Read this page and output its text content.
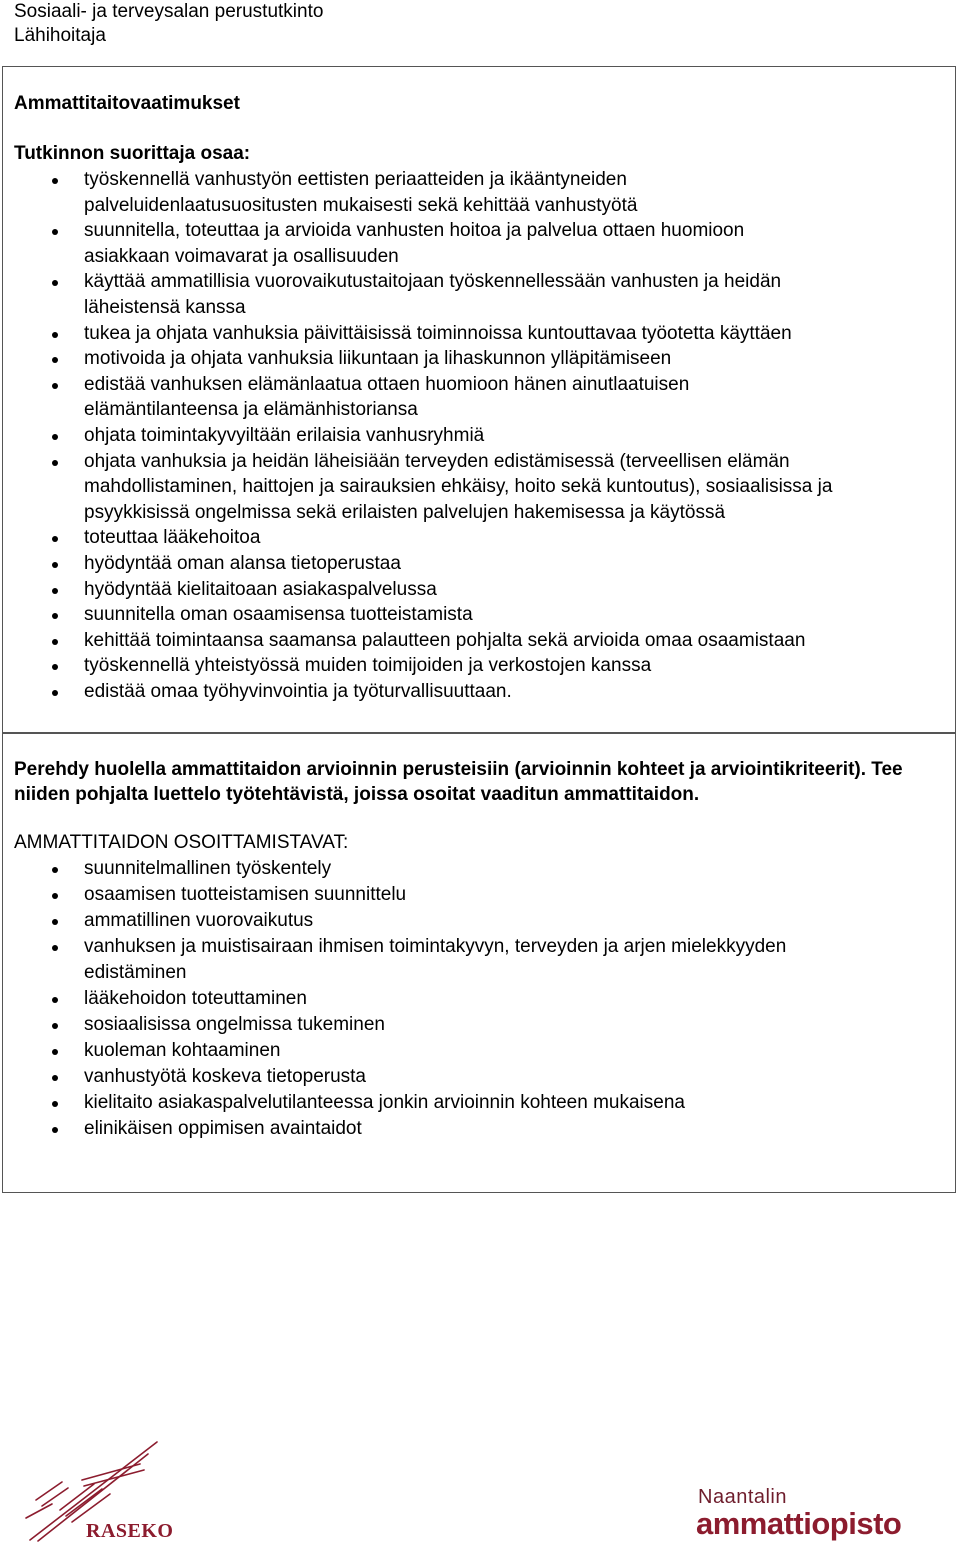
Sosiaali- ja terveysalan perustutkinto
Lähihoitaja
Ammattitaitovaatimukset
Tutkinnon suorittaja osaa:
työskennellä vanhustyön eettisten periaatteiden ja ikääntyneiden
palveluidenlaatusuositusten mukaisesti sekä kehittää vanhustyötä
suunnitella, toteuttaa ja arvioida vanhusten hoitoa ja palvelua ottaen huomioon
asiakkaan voimavarat ja osallisuuden
käyttää ammatillisia vuorovaikutustaitojaan työskennellessään vanhusten ja heidän
läheistensä kanssa
tukea ja ohjata vanhuksia päivittäisissä toiminnoissa kuntouttavaa työotetta käyttäen
motivoida ja ohjata vanhuksia liikuntaan ja lihaskunnon ylläpitämiseen
edistää vanhuksen elämänlaatua ottaen huomioon hänen ainutlaatuisen
elämäntilanteensa ja elämänhistoriansa
ohjata toimintakyvyiltään erilaisia vanhusryhmiä
ohjata vanhuksia ja heidän läheisiään terveyden edistämisessä (terveellisen elämän
mahdollistaminen, haittojen ja sairauksien ehkäisy, hoito sekä kuntoutus), sosiaalisissa ja
psyykkisissä ongelmissa sekä erilaisten palvelujen hakemisessa ja käytössä
toteuttaa lääkehoitoa
hyödyntää oman alansa tietoperustaa
hyödyntää kielitaitoaan asiakaspalvelussa
suunnitella oman osaamisensa tuotteistamista
kehittää toimintaansa saamansa palautteen pohjalta sekä arvioida omaa osaamistaan
työskennellä yhteistyössä muiden toimijoiden ja verkostojen kanssa
edistää omaa työhyvinvointia ja työturvallisuuttaan.
Perehdy huolella ammattitaidon arvioinnin perusteisiin (arvioinnin kohteet ja arviointikriteerit). Tee niiden pohjalta luettelo työtehtävistä, joissa osoitat vaaditun ammattitaidon.
AMMATTITAIDON OSOITTAMISTAVAT:
suunnitelmallinen työskentely
osaamisen tuotteistamisen suunnittelu
ammatillinen vuorovaikutus
vanhuksen ja muistisairaan ihmisen toimintakyvyn, terveyden ja arjen mielekkyyden
edistäminen
lääkehoidon toteuttaminen
sosiaalisissa ongelmissa tukeminen
kuoleman kohtaaminen
vanhustyötä koskeva tietoperusta
kielitaito asiakaspalvelutilanteessa jonkin arvioinnin kohteen mukaisena
elinikäisen oppimisen avaintaidot
RASEKO
Naantalin
ammattiopisto
